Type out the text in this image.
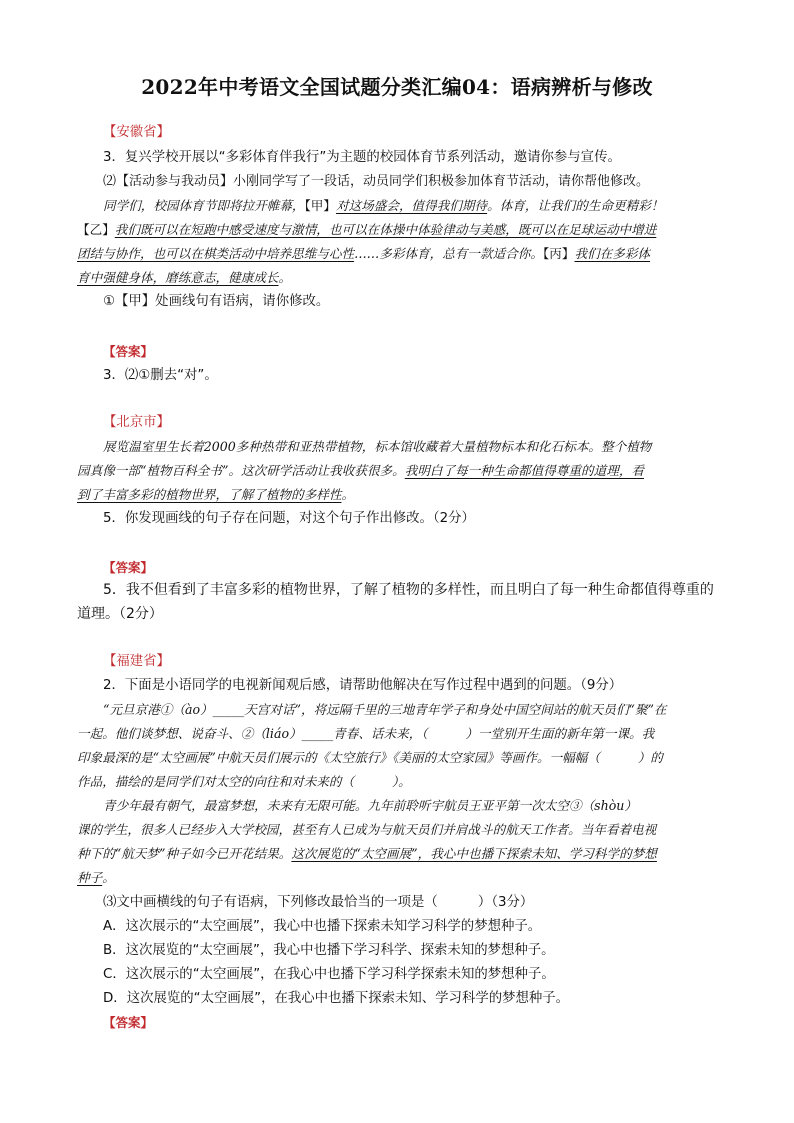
2022年中考语文全国试题分类汇编04：语病辨析与修改
【安徽省】
3．复兴学校开展以“多彩体育伴我行”为主题的校园体育节系列活动，邀请你参与宣传。
⑵【活动参与我动员】小刚同学写了一段话，动员同学们积极参加体育节活动，请你帮他修改。
同学们，校园体育节即将拉开帷幕，【甲】对这场盛会，值得我们期待。体育，让我们的生命更精彩！
【乙】我们既可以在短跑中感受速度与激情，也可以在体操中体验律动与美感，既可以在足球运动中增进
团结与协作，也可以在棋类活动中培养思维与心性……多彩体育，总有一款适合你。【丙】我们在多彩体
育中强健身体，磨练意志，健康成长。
①【甲】处画线句有语病，请你修改。
【答案】
3．⑵①删去“对”。
【北京市】
展览温室里生长着2000多种热带和亚热带植物，标本馆收藏着大量植物标本和化石标本。整个植物
园真像一部“植物百科全书”。这次研学活动让我收获很多。我明白了每一种生命都值得尊重的道理，看
到了丰富多彩的植物世界，了解了植物的多样性。
5．你发现画线的句子存在问题，对这个句子作出修改。（2分）
【答案】
5．我不但看到了丰富多彩的植物世界，了解了植物的多样性，而且明白了每一种生命都值得尊重的
道理。（2分）
【福建省】
2．下面是小语同学的电视新闻观后感，请帮助他解决在写作过程中遇到的问题。（9分）
“元旦京港①（ào）_____天宫对话”，将远隔千里的三地青年学子和身处中国空间站的航天员们“聚”在
一起。他们谈梦想、说奋斗、②（liáo）_____青春、话未来，（　　　）一堂别开生面的新年第一课。我
印象最深的是“太空画展”中航天员们展示的《太空旅行》《美丽的太空家园》等画作。一幅幅（　　　）的
作品，描绘的是同学们对太空的向往和对未来的（　　　）。
青少年最有朝气，最富梦想，未来有无限可能。九年前聆听宇航员王亚平第一次太空③（shòu）
课的学生，很多人已经步入大学校园，甚至有人已成为与航天员们并肩战斗的航天工作者。当年看着电视
种下的“航天梦”种子如今已开花结果。这次展览的“太空画展”，我心中也播下探索未知、学习科学的梦想
种子。
⑶文中画横线的句子有语病，下列修改最恰当的一项是（　　　）（3分）
A．这次展示的“太空画展”，我心中也播下探索未知学习科学的梦想种子。
B．这次展览的“太空画展”，我心中也播下学习科学、探索未知的梦想种子。
C．这次展示的“太空画展”，在我心中也播下学习科学探索未知的梦想种子。
D．这次展览的“太空画展”，在我心中也播下探索未知、学习科学的梦想种子。
【答案】
